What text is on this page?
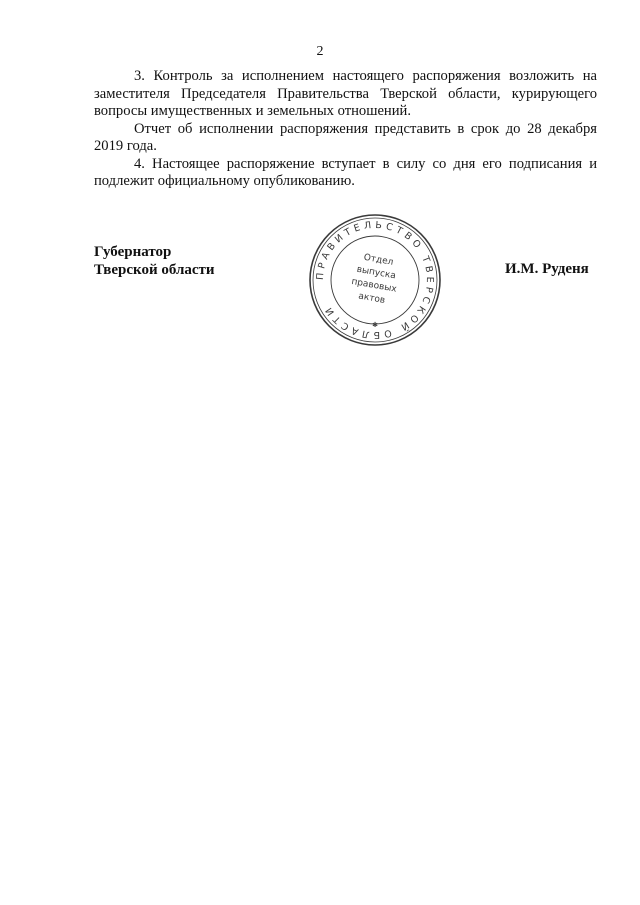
2

3. Контроль за исполнением настоящего распоряжения возложить на заместителя Председателя Правительства Тверской области, курирующего вопросы имущественных и земельных отношений.

Отчет об исполнении распоряжения представить в срок до 28 декабря 2019 года.

4. Настоящее распоряжение вступает в силу со дня его подписания и подлежит официальному опубликованию.

Губернатор
Тверской области	ПРАВИТЕЛЬСТВО ТВЕРСКОЙ ОБЛАСТИ
Отдел
выпуска
правовых
актов
✱
И.М. Руденя
